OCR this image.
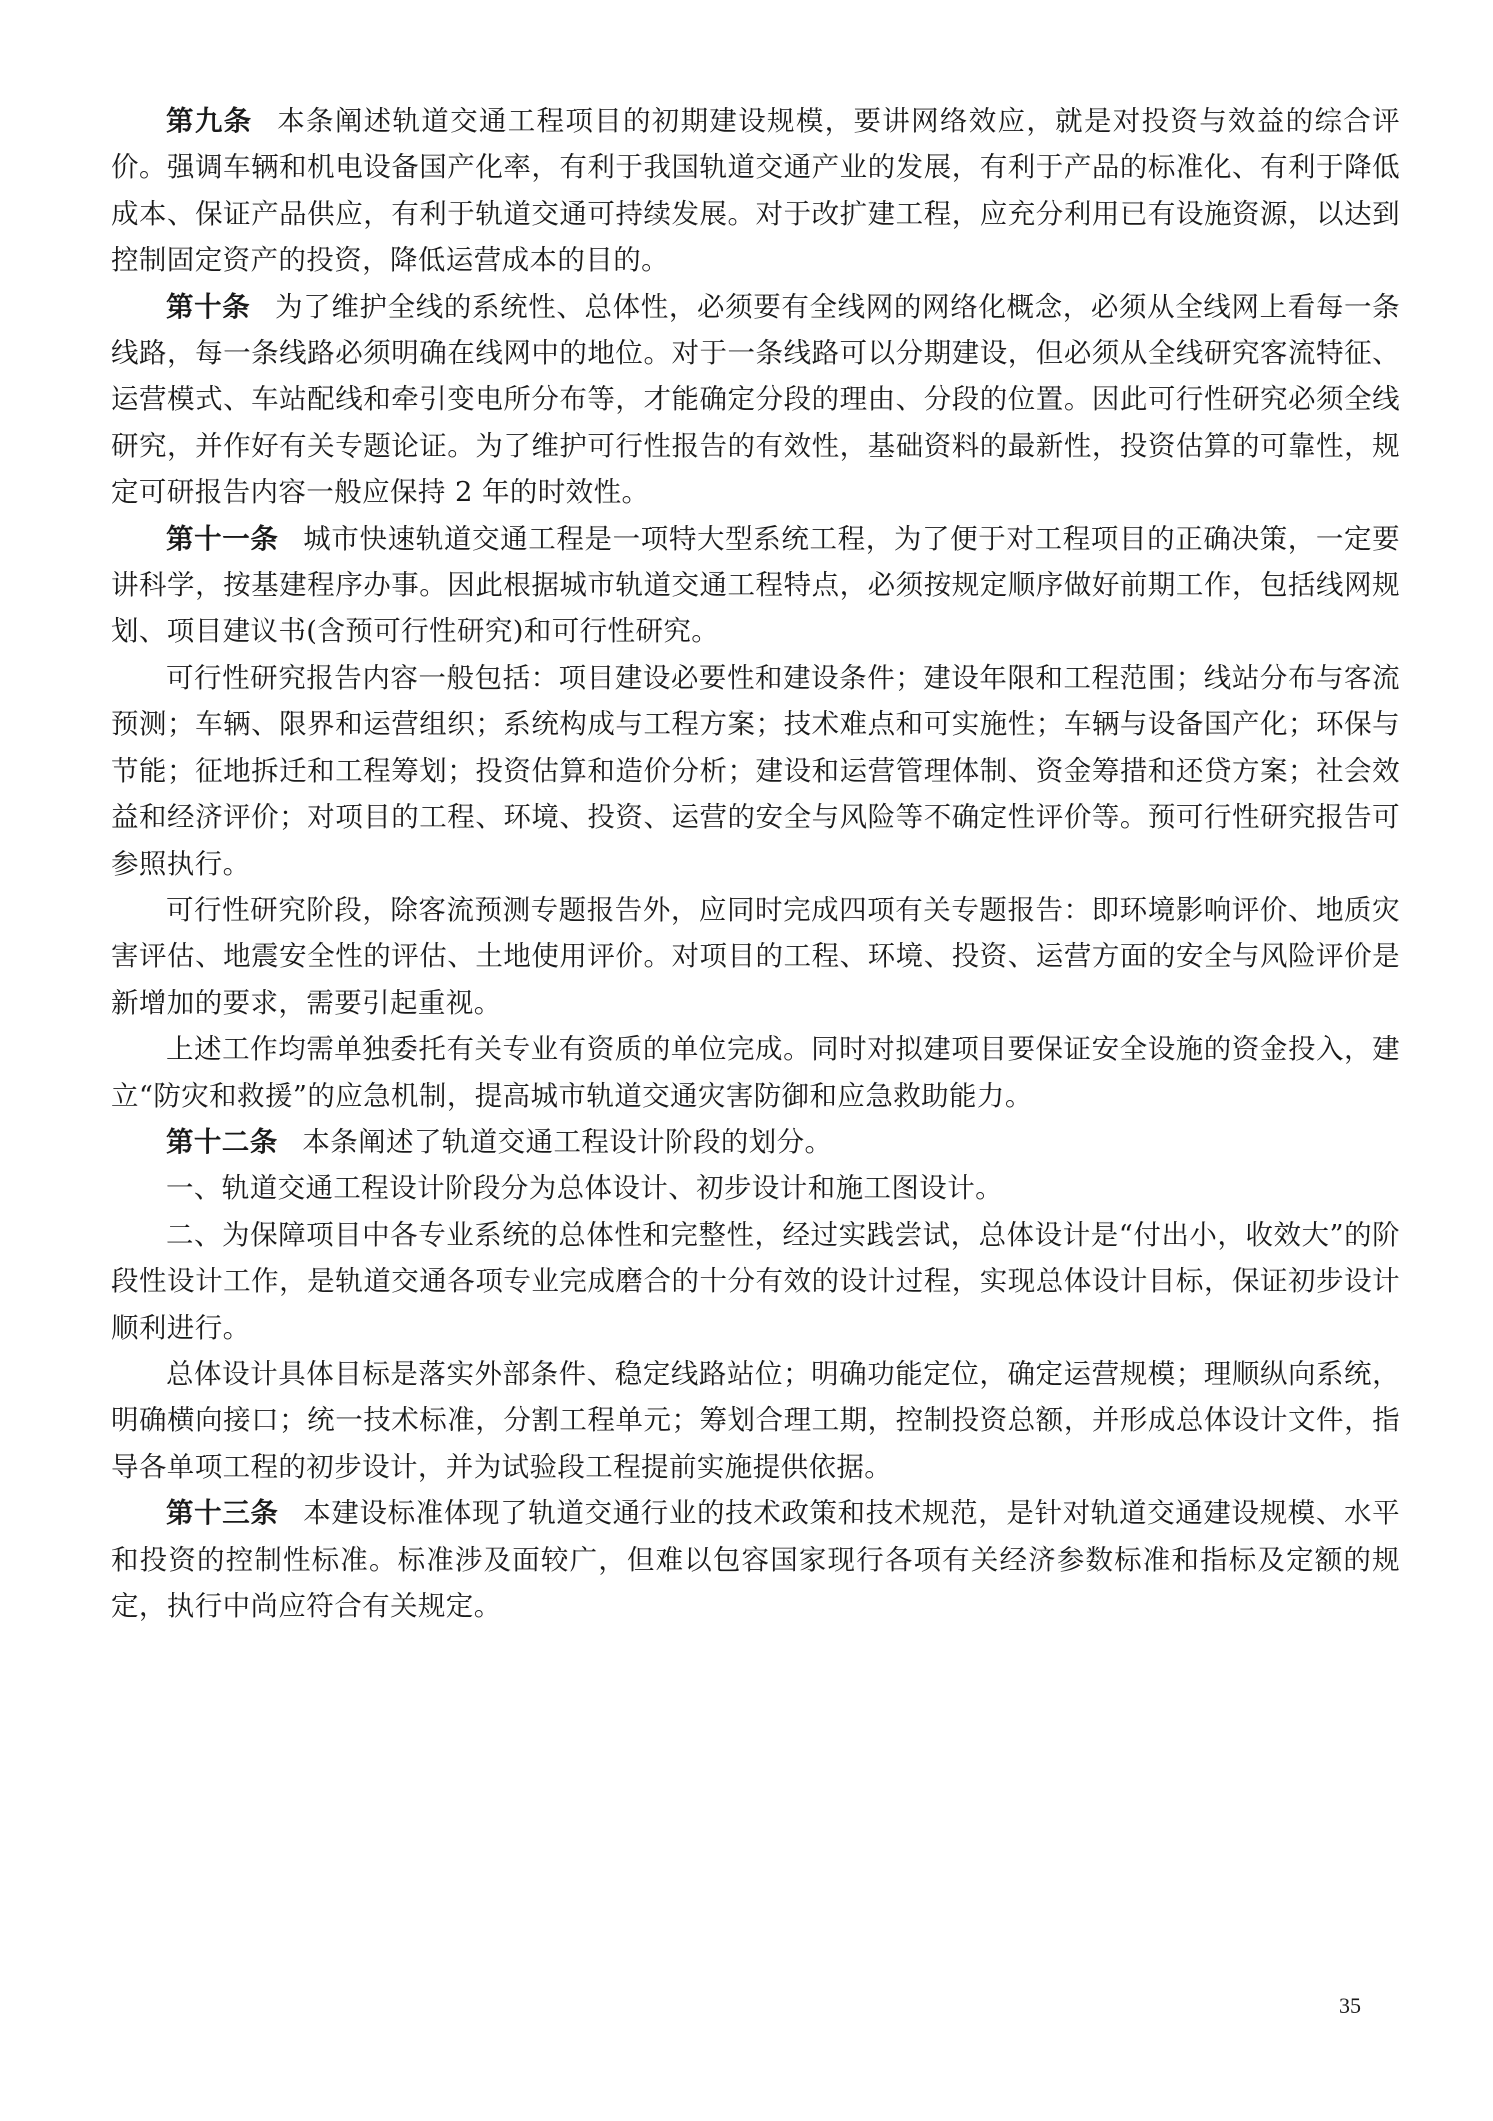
第九条 本条阐述轨道交通工程项目的初期建设规模，要讲网络效应，就是对投资与效益的综合评价。强调车辆和机电设备国产化率，有利于我国轨道交通产业的发展，有利于产品的标准化、有利于降低成本、保证产品供应，有利于轨道交通可持续发展。对于改扩建工程，应充分利用已有设施资源，以达到控制固定资产的投资，降低运营成本的目的。

第十条 为了维护全线的系统性、总体性，必须要有全线网的网络化概念，必须从全线网上看每一条线路，每一条线路必须明确在线网中的地位。对于一条线路可以分期建设，但必须从全线研究客流特征、运营模式、车站配线和牵引变电所分布等，才能确定分段的理由、分段的位置。因此可行性研究必须全线研究，并作好有关专题论证。为了维护可行性报告的有效性，基础资料的最新性，投资估算的可靠性，规定可研报告内容一般应保持 2 年的时效性。

第十一条 城市快速轨道交通工程是一项特大型系统工程，为了便于对工程项目的正确决策，一定要讲科学，按基建程序办事。因此根据城市轨道交通工程特点，必须按规定顺序做好前期工作，包括线网规划、项目建议书(含预可行性研究)和可行性研究。

可行性研究报告内容一般包括：项目建设必要性和建设条件；建设年限和工程范围；线站分布与客流预测；车辆、限界和运营组织；系统构成与工程方案；技术难点和可实施性；车辆与设备国产化；环保与节能；征地拆迁和工程筹划；投资估算和造价分析；建设和运营管理体制、资金筹措和还贷方案；社会效益和经济评价；对项目的工程、环境、投资、运营的安全与风险等不确定性评价等。预可行性研究报告可参照执行。

可行性研究阶段，除客流预测专题报告外，应同时完成四项有关专题报告：即环境影响评价、地质灾害评估、地震安全性的评估、土地使用评价。对项目的工程、环境、投资、运营方面的安全与风险评价是新增加的要求，需要引起重视。

上述工作均需单独委托有关专业有资质的单位完成。同时对拟建项目要保证安全设施的资金投入，建立“防灾和救援”的应急机制，提高城市轨道交通灾害防御和应急救助能力。

第十二条 本条阐述了轨道交通工程设计阶段的划分。

一、轨道交通工程设计阶段分为总体设计、初步设计和施工图设计。

二、为保障项目中各专业系统的总体性和完整性，经过实践尝试，总体设计是“付出小，收效大”的阶段性设计工作，是轨道交通各项专业完成磨合的十分有效的设计过程，实现总体设计目标，保证初步设计顺利进行。

总体设计具体目标是落实外部条件、稳定线路站位；明确功能定位，确定运营规模；理顺纵向系统，明确横向接口；统一技术标准，分割工程单元；筹划合理工期，控制投资总额，并形成总体设计文件，指导各单项工程的初步设计，并为试验段工程提前实施提供依据。

第十三条 本建设标准体现了轨道交通行业的技术政策和技术规范，是针对轨道交通建设规模、水平和投资的控制性标准。标准涉及面较广，但难以包容国家现行各项有关经济参数标准和指标及定额的规定，执行中尚应符合有关规定。

35
